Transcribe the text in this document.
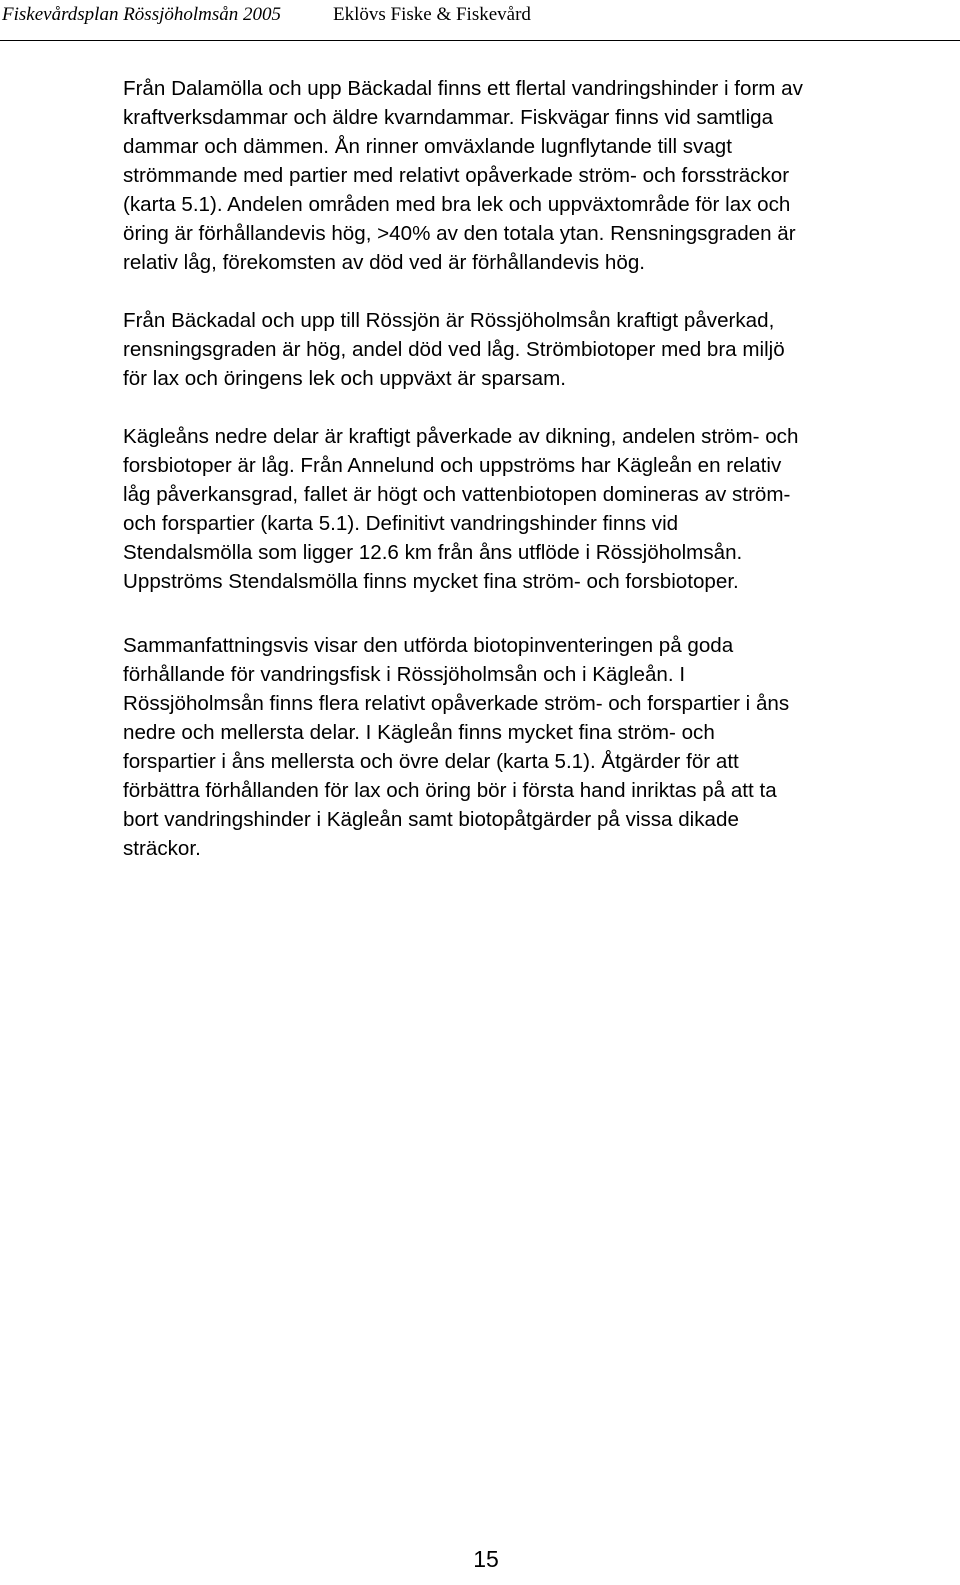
Fiskevårdsplan Rössjöholmsån 2005	Eklövs Fiske & Fiskevård

Från Dalamölla och upp Bäckadal finns ett flertal vandringshinder i form av
kraftverksdammar och äldre kvarndammar. Fiskvägar finns vid samtliga
dammar och dämmen. Ån rinner omväxlande lugnflytande till svagt
strömmande med partier med relativt opåverkade ström- och forssträckor
(karta 5.1). Andelen områden med bra lek och uppväxtområde för lax och
öring är förhållandevis hög, >40% av den totala ytan. Rensningsgraden är
relativ låg, förekomsten av död ved är förhållandevis hög.

Från Bäckadal och upp till Rössjön är Rössjöholmsån kraftigt påverkad,
rensningsgraden är hög, andel död ved låg. Strömbiotoper med bra miljö
för lax och öringens lek och uppväxt är sparsam.

Kägleåns nedre delar är kraftigt påverkade av dikning, andelen ström- och
forsbiotoper är låg. Från Annelund och uppströms har Kägleån en relativ
låg påverkansgrad, fallet är högt och vattenbiotopen domineras av ström-
och forspartier (karta 5.1). Definitivt vandringshinder finns vid
Stendalsmölla som ligger 12.6 km från åns utflöde i Rössjöholmsån.
Uppströms Stendalsmölla finns mycket fina ström- och forsbiotoper.

Sammanfattningsvis visar den utförda biotopinventeringen på goda
förhållande för vandringsfisk i Rössjöholmsån och i Kägleån. I
Rössjöholmsån finns flera relativt opåverkade ström- och forspartier i åns
nedre och mellersta delar. I Kägleån finns mycket fina ström- och
forspartier i åns mellersta och övre delar (karta 5.1). Åtgärder för att
förbättra förhållanden för lax och öring bör i första hand inriktas på att ta
bort vandringshinder i Kägleån samt biotopåtgärder på vissa dikade
sträckor.

15
